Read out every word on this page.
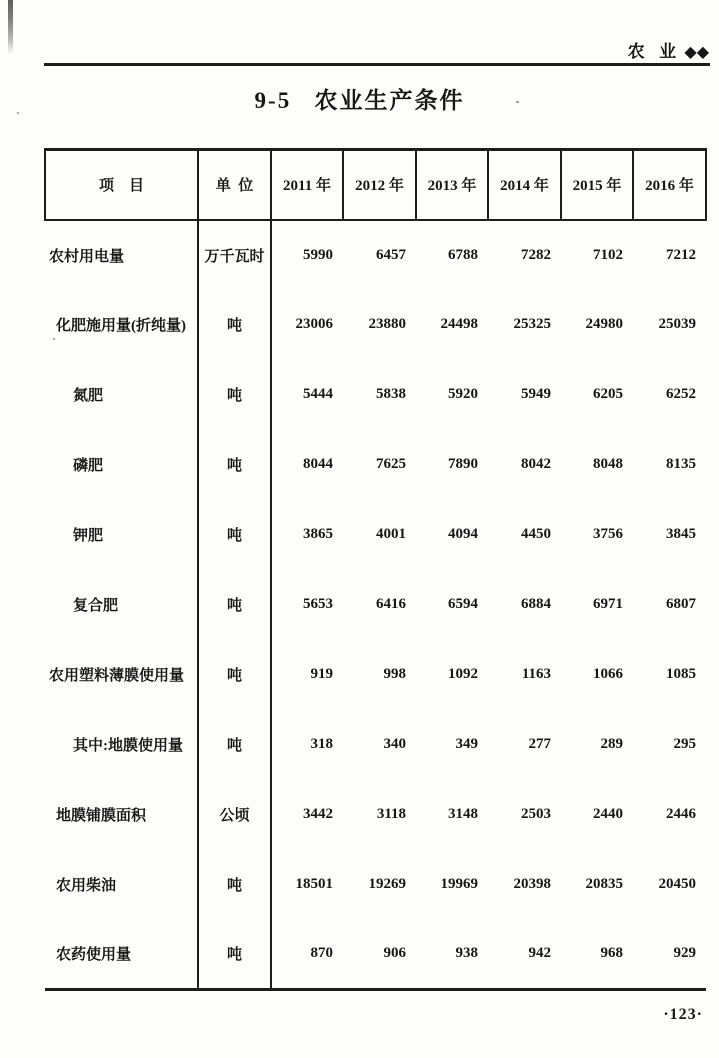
农  业 ◆◆
9-5   农业生产条件
项    目	单  位	2011 年	2012 年	2013 年	2014 年	2015 年	2016 年
农村用电量	万千瓦时	5990	6457	6788	7282	7102	7212
化肥施用量(折纯量)	吨	23006	23880	24498	25325	24980	25039
氮肥	吨	5444	5838	5920	5949	6205	6252
磷肥	吨	8044	7625	7890	8042	8048	8135
钾肥	吨	3865	4001	4094	4450	3756	3845
复合肥	吨	5653	6416	6594	6884	6971	6807
农用塑料薄膜使用量	吨	919	998	1092	1163	1066	1085
其中:地膜使用量	吨	318	340	349	277	289	295
地膜铺膜面积	公顷	3442	3118	3148	2503	2440	2446
农用柴油	吨	18501	19269	19969	20398	20835	20450
农药使用量	吨	870	906	938	942	968	929
·123·
